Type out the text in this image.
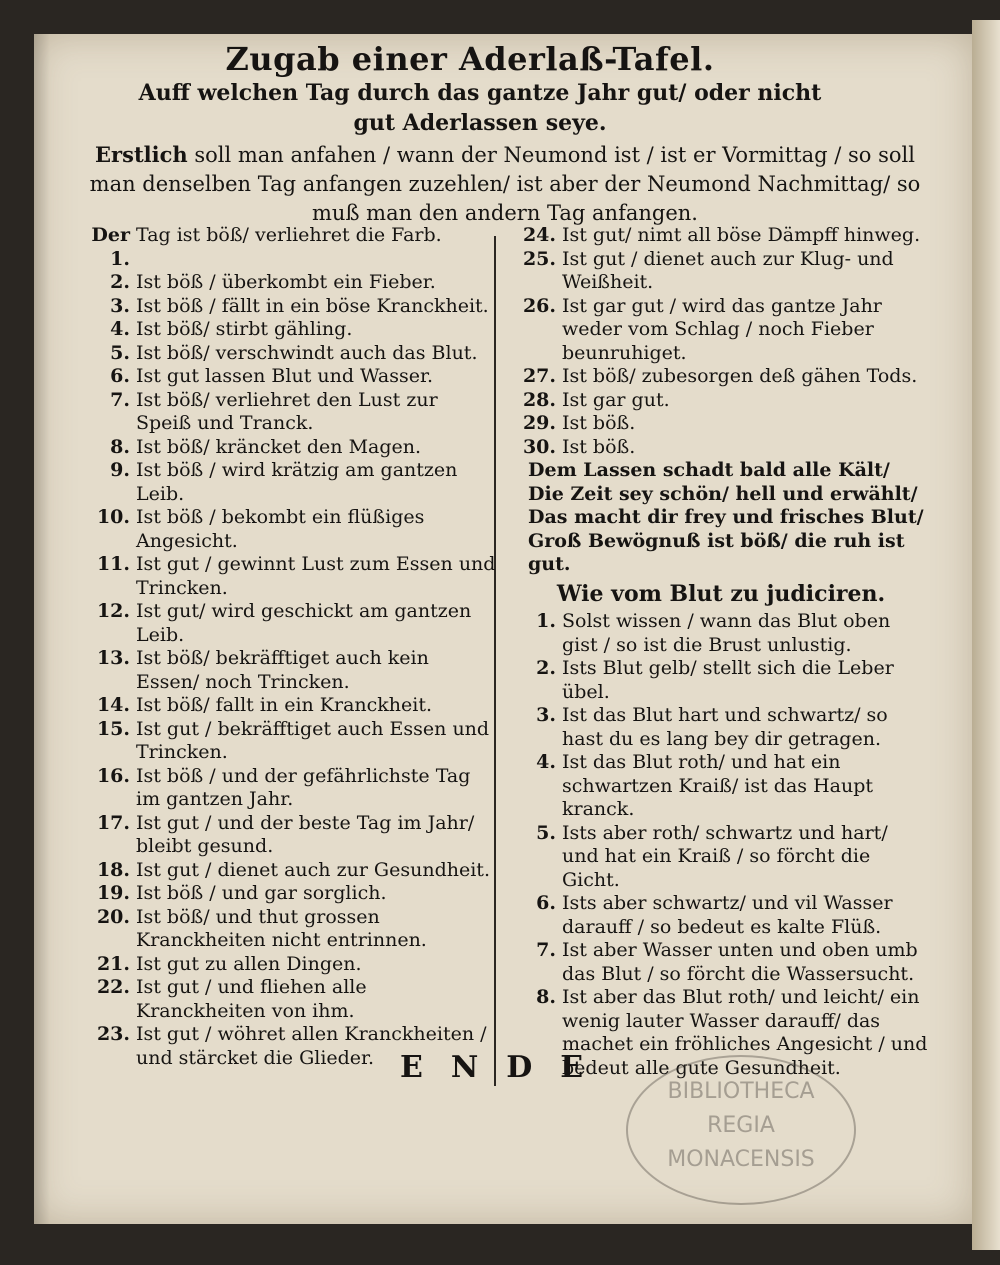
Zugab einer Aderlaß-Tafel.
Auff welchen Tag durch das gantze Jahr gut/ oder nicht gut Aderlassen seye.
Erstlich soll man anfahen / wann der Neumond ist / ist er Vormittag / so soll man denselben Tag anfangen zuzehlen/ ist aber der Neumond Nachmittag/ so muß man den andern Tag anfangen.
Der 1.
Tag ist böß/ verliehret die Farb.
2. Ist böß / überkombt ein Fieber.
3. Ist böß / fällt in ein böse Kranckheit.
4. Ist böß/ stirbt gähling.
5. Ist böß/ verschwindt auch das Blut.
6. Ist gut lassen Blut und Wasser.
7. Ist böß/ verliehret den Lust zur Speiß und Tranck.
8. Ist böß/ kräncket den Magen.
9. Ist böß / wird krätzig am gantzen Leib.
10. Ist böß / bekombt ein flüßiges Angesicht.
11. Ist gut / gewinnt Lust zum Essen und Trincken.
12. Ist gut/ wird geschickt am gantzen Leib.
13. Ist böß/ bekräfftiget auch kein Essen/ noch Trincken.
14. Ist böß/ fallt in ein Kranckheit.
15. Ist gut / bekräfftiget auch Essen und Trincken.
16. Ist böß / und der gefährlichste Tag im gantzen Jahr.
17. Ist gut / und der beste Tag im Jahr/ bleibt gesund.
18. Ist gut / dienet auch zur Gesundheit.
19. Ist böß / und gar sorglich.
20. Ist böß/ und thut grossen Kranckheiten nicht entrinnen.
21. Ist gut zu allen Dingen.
22. Ist gut / und fliehen alle Kranckheiten von ihm.
23. Ist gut / wöhret allen Kranckheiten / und stärcket die Glieder.
24. Ist gut/ nimt all böse Dämpff hinweg.
25. Ist gut / dienet auch zur Klug- und Weißheit.
26. Ist gar gut / wird das gantze Jahr weder vom Schlag / noch Fieber beunruhiget.
27. Ist böß/ zubesorgen deß gähen Tods.
28. Ist gar gut.
29. Ist böß.
30. Ist böß.
Dem Lassen schadt bald alle Kält/
Die Zeit sey schön/ hell und erwählt/
Das macht dir frey und frisches Blut/
Groß Bewögnuß ist böß/ die ruh ist gut.
Wie vom Blut zu judiciren.
1. Solst wissen / wann das Blut oben gist / so ist die Brust unlustig.
2. Ists Blut gelb/ stellt sich die Leber übel.
3. Ist das Blut hart und schwartz/ so hast du es lang bey dir getragen.
4. Ist das Blut roth/ und hat ein schwartzen Kraiß/ ist das Haupt kranck.
5. Ists aber roth/ schwartz und hart/ und hat ein Kraiß / so förcht die Gicht.
6. Ists aber schwartz/ und vil Wasser darauff / so bedeut es kalte Flüß.
7. Ist aber Wasser unten und oben umb das Blut / so förcht die Wassersucht.
8. Ist aber das Blut roth/ und leicht/ ein wenig lauter Wasser darauff/ das machet ein fröhliches Angesicht / und bedeut alle gute Gesundheit.
ENDE
BIBLIOTHECA
REGIA
MONACENSIS
